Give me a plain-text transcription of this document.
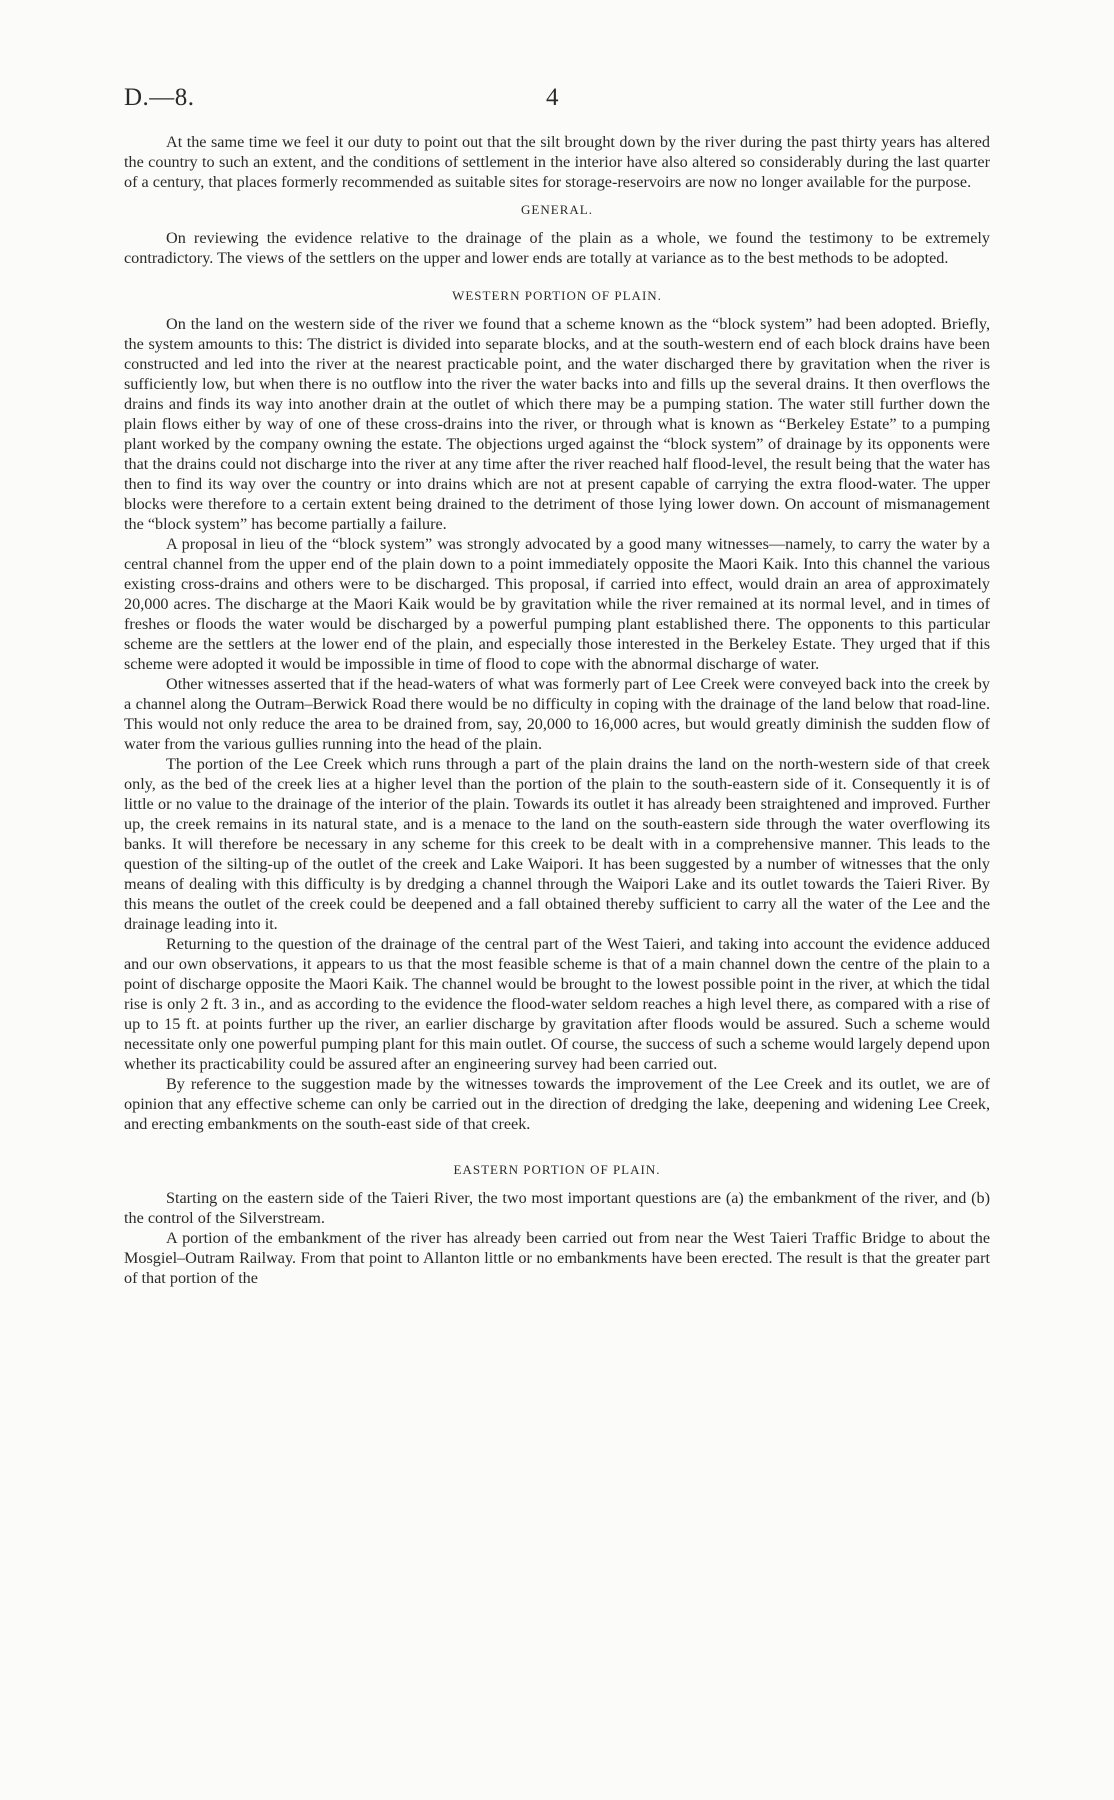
D.—8.	4

At the same time we feel it our duty to point out that the silt brought down by the river during the past thirty years has altered the country to such an extent, and the conditions of settlement in the interior have also altered so considerably during the last quarter of a century, that places formerly recommended as suitable sites for storage-reservoirs are now no longer available for the purpose.

GENERAL.

On reviewing the evidence relative to the drainage of the plain as a whole, we found the testimony to be extremely contradictory. The views of the settlers on the upper and lower ends are totally at variance as to the best methods to be adopted.

WESTERN PORTION OF PLAIN.

On the land on the western side of the river we found that a scheme known as the “block system” had been adopted. Briefly, the system amounts to this: The district is divided into separate blocks, and at the south-western end of each block drains have been constructed and led into the river at the nearest practicable point, and the water discharged there by gravitation when the river is sufficiently low, but when there is no outflow into the river the water backs into and fills up the several drains. It then overflows the drains and finds its way into another drain at the outlet of which there may be a pumping station. The water still further down the plain flows either by way of one of these cross-drains into the river, or through what is known as “Berkeley Estate” to a pumping plant worked by the company owning the estate. The objections urged against the “block system” of drainage by its opponents were that the drains could not discharge into the river at any time after the river reached half flood-level, the result being that the water has then to find its way over the country or into drains which are not at present capable of carrying the extra flood-water. The upper blocks were therefore to a certain extent being drained to the detriment of those lying lower down. On account of mismanagement the “block system” has become partially a failure.

A proposal in lieu of the “block system” was strongly advocated by a good many witnesses—namely, to carry the water by a central channel from the upper end of the plain down to a point immediately opposite the Maori Kaik. Into this channel the various existing cross-drains and others were to be discharged. This proposal, if carried into effect, would drain an area of approximately 20,000 acres. The discharge at the Maori Kaik would be by gravitation while the river remained at its normal level, and in times of freshes or floods the water would be discharged by a powerful pumping plant established there. The opponents to this particular scheme are the settlers at the lower end of the plain, and especially those interested in the Berkeley Estate. They urged that if this scheme were adopted it would be impossible in time of flood to cope with the abnormal discharge of water.

Other witnesses asserted that if the head-waters of what was formerly part of Lee Creek were conveyed back into the creek by a channel along the Outram–Berwick Road there would be no difficulty in coping with the drainage of the land below that road-line. This would not only reduce the area to be drained from, say, 20,000 to 16,000 acres, but would greatly diminish the sudden flow of water from the various gullies running into the head of the plain.

The portion of the Lee Creek which runs through a part of the plain drains the land on the north-western side of that creek only, as the bed of the creek lies at a higher level than the portion of the plain to the south-eastern side of it. Consequently it is of little or no value to the drainage of the interior of the plain. Towards its outlet it has already been straightened and improved. Further up, the creek remains in its natural state, and is a menace to the land on the south-eastern side through the water overflowing its banks. It will therefore be necessary in any scheme for this creek to be dealt with in a comprehensive manner. This leads to the question of the silting-up of the outlet of the creek and Lake Waipori. It has been suggested by a number of witnesses that the only means of dealing with this difficulty is by dredging a channel through the Waipori Lake and its outlet towards the Taieri River. By this means the outlet of the creek could be deepened and a fall obtained thereby sufficient to carry all the water of the Lee and the drainage leading into it.

Returning to the question of the drainage of the central part of the West Taieri, and taking into account the evidence adduced and our own observations, it appears to us that the most feasible scheme is that of a main channel down the centre of the plain to a point of discharge opposite the Maori Kaik. The channel would be brought to the lowest possible point in the river, at which the tidal rise is only 2 ft. 3 in., and as according to the evidence the flood-water seldom reaches a high level there, as compared with a rise of up to 15 ft. at points further up the river, an earlier discharge by gravitation after floods would be assured. Such a scheme would necessitate only one powerful pumping plant for this main outlet. Of course, the success of such a scheme would largely depend upon whether its practicability could be assured after an engineering survey had been carried out.

By reference to the suggestion made by the witnesses towards the improvement of the Lee Creek and its outlet, we are of opinion that any effective scheme can only be carried out in the direction of dredging the lake, deepening and widening Lee Creek, and erecting embankments on the south-east side of that creek.

EASTERN PORTION OF PLAIN.

Starting on the eastern side of the Taieri River, the two most important questions are (a) the embankment of the river, and (b) the control of the Silverstream.

A portion of the embankment of the river has already been carried out from near the West Taieri Traffic Bridge to about the Mosgiel–Outram Railway. From that point to Allanton little or no embankments have been erected. The result is that the greater part of that portion of the
